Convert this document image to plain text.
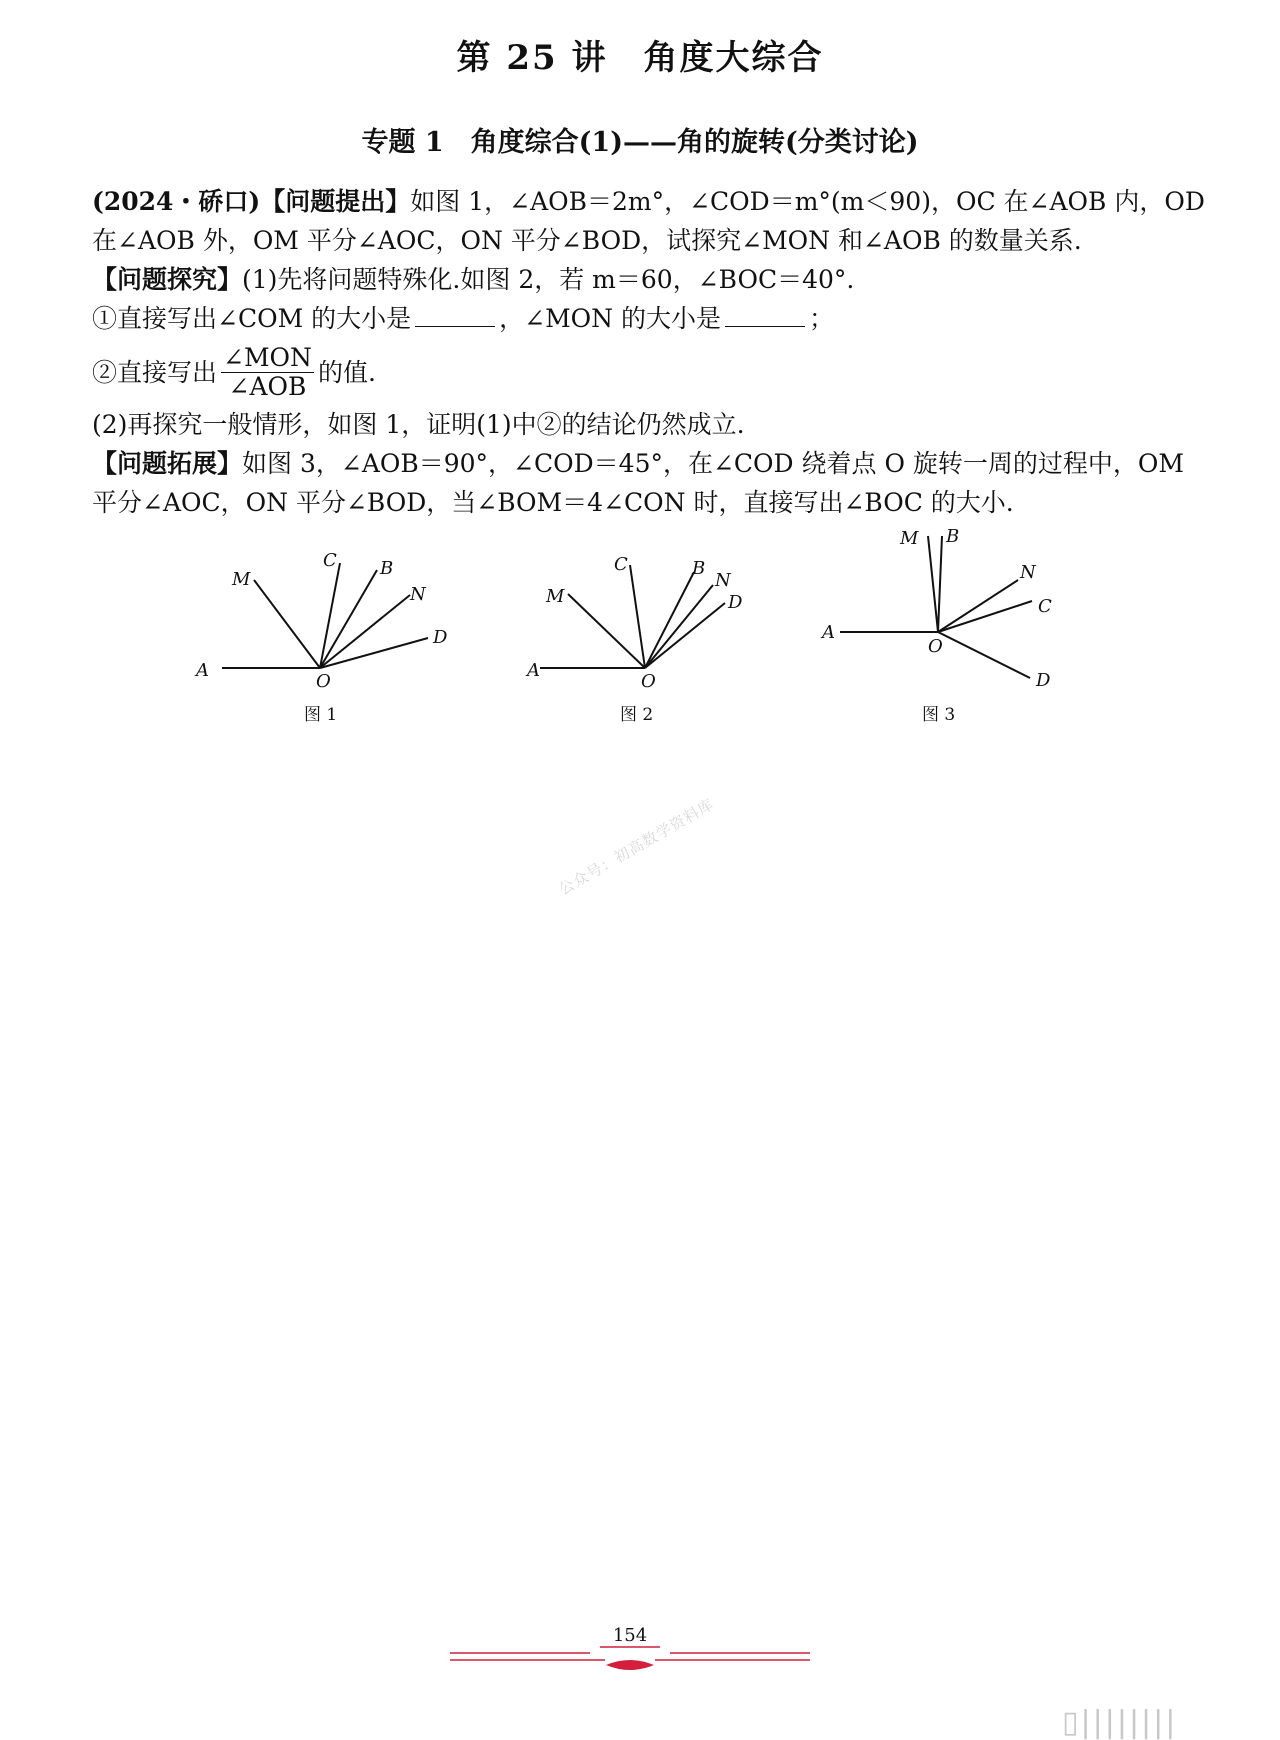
第 25 讲　角度大综合
专题 1　角度综合(1)——角的旋转(分类讨论)

(2024・硚口)【问题提出】如图 1，∠AOB＝2m°，∠COD＝m°(m＜90)，OC 在∠AOB 内，OD

在∠AOB 外，OM 平分∠AOC，ON 平分∠BOD，试探究∠MON 和∠AOB 的数量关系.

【问题探究】(1)先将问题特殊化.如图 2，若 m＝60，∠BOC＝40°.

①直接写出∠COM 的大小是	，∠MON 的大小是	；

②直接写出 $\frac{\text{∠MON}}{\text{∠AOB}}$ 的值.

(2)再探究一般情形，如图 1，证明(1)中②的结论仍然成立.

【问题拓展】如图 3，∠AOB＝90°，∠COD＝45°，在∠COD 绕着点 O 旋转一周的过程中，OM

平分∠AOC，ON 平分∠BOD，当∠BOM＝4∠CON 时，直接写出∠BOC 的大小.

A
O
M
C B
N
D
A
O
M
C	B
N
D
A
O
M B
N
C
D
图 1	图 2	图 3
公众号：初高数学资料库
154
▯||||||||
